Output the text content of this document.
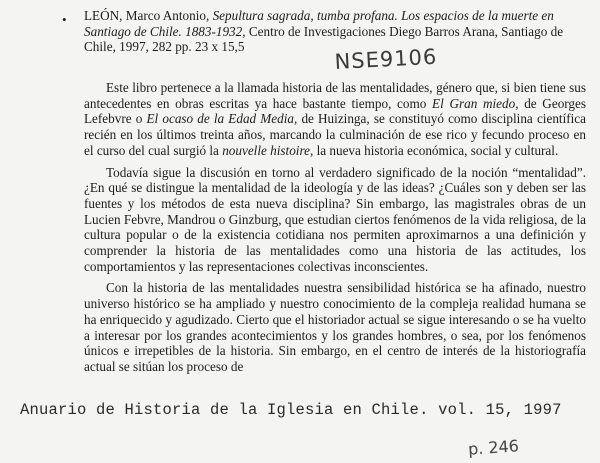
• LEÓN, Marco Antonio, Sepultura sagrada, tumba profana. Los espacios de la muerte en Santiago de Chile. 1883-1932, Centro de Investigaciones Diego Barros Arana, Santiago de Chile, 1997, 282 pp. 23 x 15,5	NSE9106

Este libro pertenece a la llamada historia de las mentalidades, género que, si bien tiene sus antecedentes en obras escritas ya hace bastante tiempo, como El Gran miedo, de Georges Lefebvre o El ocaso de la Edad Media, de Huizinga, se constituyó como disciplina científica recién en los últimos treinta años, marcando la culminación de ese rico y fecundo proceso en el curso del cual surgió la nouvelle histoire, la nueva historia económica, social y cultural.

Todavía sigue la discusión en torno al verdadero significado de la noción “mentalidad”. ¿En qué se distingue la mentalidad de la ideología y de las ideas? ¿Cuáles son y deben ser las fuentes y los métodos de esta nueva disciplina? Sin embargo, las magistrales obras de un Lucien Febvre, Mandrou o Ginzburg, que estudian ciertos fenómenos de la vida religiosa, de la cultura popular o de la existencia cotidiana nos permiten aproximarnos a una definición y comprender la historia de las mentalidades como una historia de las actitudes, los comportamientos y las representaciones colectivas inconscientes.

Con la historia de las mentalidades nuestra sensibilidad histórica se ha afinado, nuestro universo histórico se ha ampliado y nuestro conocimiento de la compleja realidad humana se ha enriquecido y agudizado. Cierto que el historiador actual se sigue interesando o se ha vuelto a interesar por los grandes acontecimientos y los grandes hombres, o sea, por los fenómenos únicos e irrepetibles de la historia. Sin embargo, en el centro de interés de la historiografía actual se sitúan los proceso de

Anuario de Historia de la Iglesia en Chile. vol. 15, 1997
p. 246
